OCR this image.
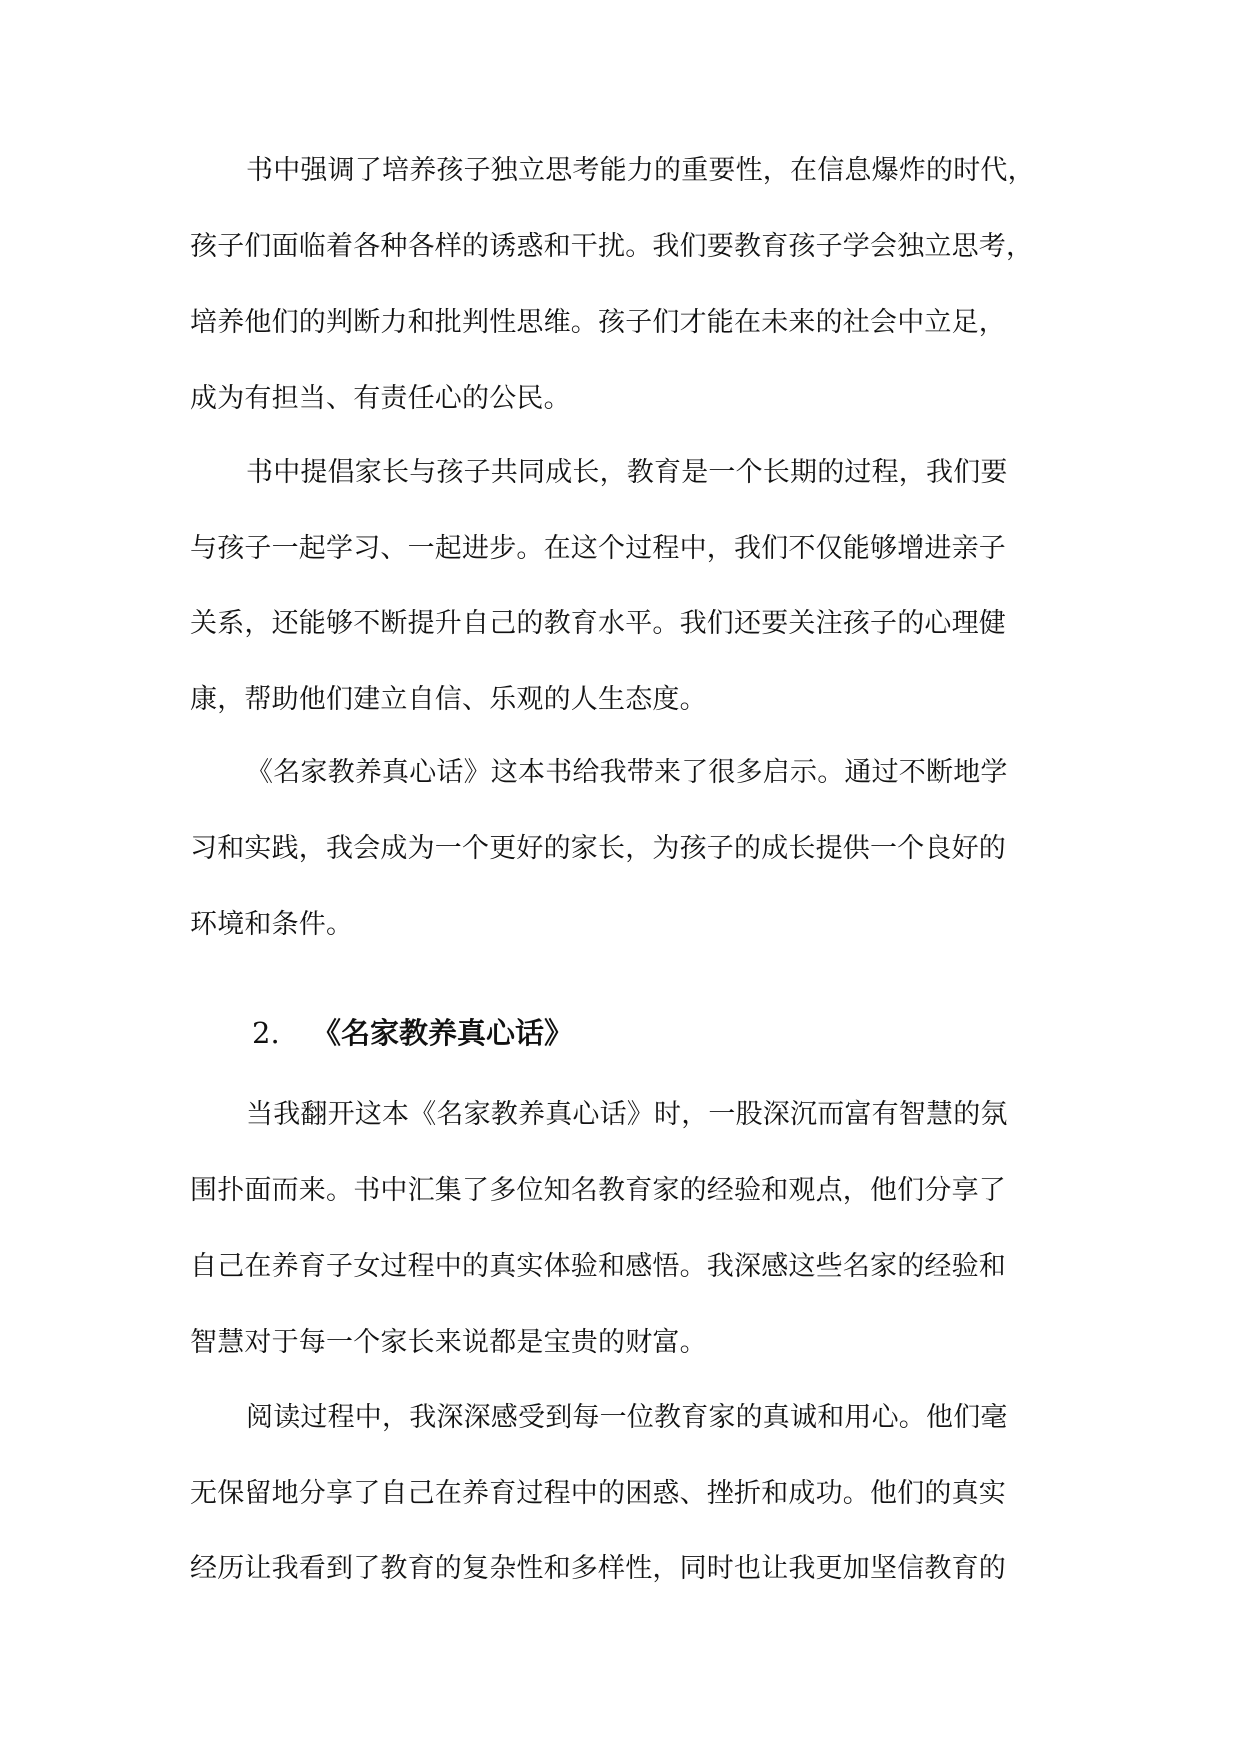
书中强调了培养孩子独立思考能力的重要性，在信息爆炸的时代，
孩子们面临着各种各样的诱惑和干扰。我们要教育孩子学会独立思考，
培养他们的判断力和批判性思维。孩子们才能在未来的社会中立足，
成为有担当、有责任心的公民。
书中提倡家长与孩子共同成长，教育是一个长期的过程，我们要
与孩子一起学习、一起进步。在这个过程中，我们不仅能够增进亲子
关系，还能够不断提升自己的教育水平。我们还要关注孩子的心理健
康，帮助他们建立自信、乐观的人生态度。
《名家教养真心话》这本书给我带来了很多启示。通过不断地学
习和实践，我会成为一个更好的家长，为孩子的成长提供一个良好的
环境和条件。
2. 《名家教养真心话》
当我翻开这本《名家教养真心话》时，一股深沉而富有智慧的氛
围扑面而来。书中汇集了多位知名教育家的经验和观点，他们分享了
自己在养育子女过程中的真实体验和感悟。我深感这些名家的经验和
智慧对于每一个家长来说都是宝贵的财富。
阅读过程中，我深深感受到每一位教育家的真诚和用心。他们毫
无保留地分享了自己在养育过程中的困惑、挫折和成功。他们的真实
经历让我看到了教育的复杂性和多样性，同时也让我更加坚信教育的
